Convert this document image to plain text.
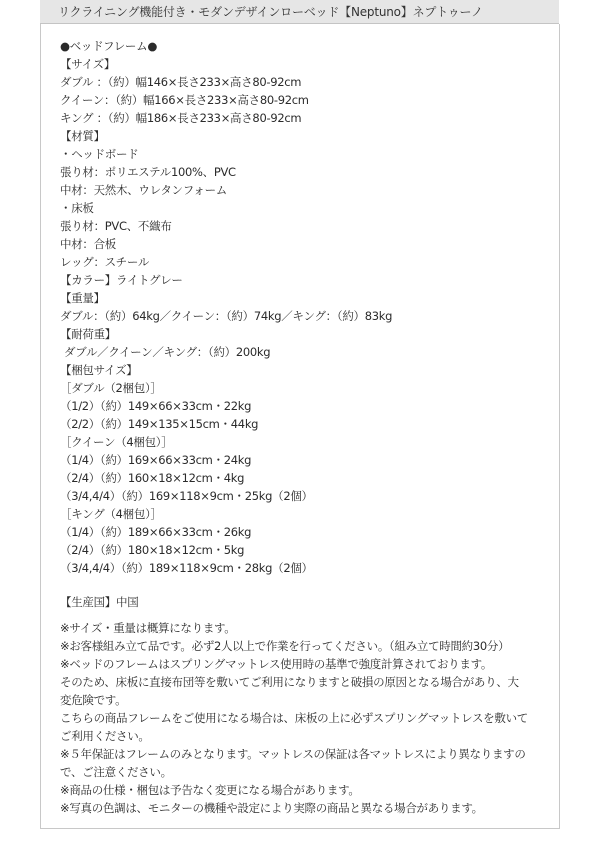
リクライニング機能付き・モダンデザインローベッド【Neptuno】ネプトゥーノ
●ベッドフレーム●
【サイズ】
ダブル ：（約）幅146×長さ233×高さ80-92cm
クイーン：（約）幅166×長さ233×高さ80-92cm
キング ：（約）幅186×長さ233×高さ80-92cm
【材質】
・ヘッドボード
張り材：ポリエステル100%、PVC
中材：天然木、ウレタンフォーム
・床板
張り材：PVC、不織布
中材：合板
レッグ：スチール
【カラー】ライトグレー
【重量】
ダブル：（約）64kg／クイーン：（約）74kg／キング：（約）83kg
【耐荷重】
ダブル／クイーン／キング：（約）200kg
【梱包サイズ】
［ダブル（2梱包）］
（1/2）（約）149×66×33cm・22kg
（2/2）（約）149×135×15cm・44kg
［クイーン（4梱包）］
（1/4）（約）169×66×33cm・24kg
（2/4）（約）160×18×12cm・4kg
（3/4,4/4）（約）169×118×9cm・25kg（2個）
［キング（4梱包）］
（1/4）（約）189×66×33cm・26kg
（2/4）（約）180×18×12cm・5kg
（3/4,4/4）（約）189×118×9cm・28kg（2個）
【生産国】中国
※サイズ・重量は概算になります。
※お客様組み立て品です。必ず2人以上で作業を行ってください。（組み立て時間約30分）
※ベッドのフレームはスプリングマットレス使用時の基準で強度計算されております。
そのため、床板に直接布団等を敷いてご利用になりますと破損の原因となる場合があり、大
変危険です。
こちらの商品フレームをご使用になる場合は、床板の上に必ずスプリングマットレスを敷いて
ご利用ください。
※５年保証はフレームのみとなります。マットレスの保証は各マットレスにより異なりますの
で、ご注意ください。
※商品の仕様・梱包は予告なく変更になる場合があります。
※写真の色調は、モニターの機種や設定により実際の商品と異なる場合があります。
